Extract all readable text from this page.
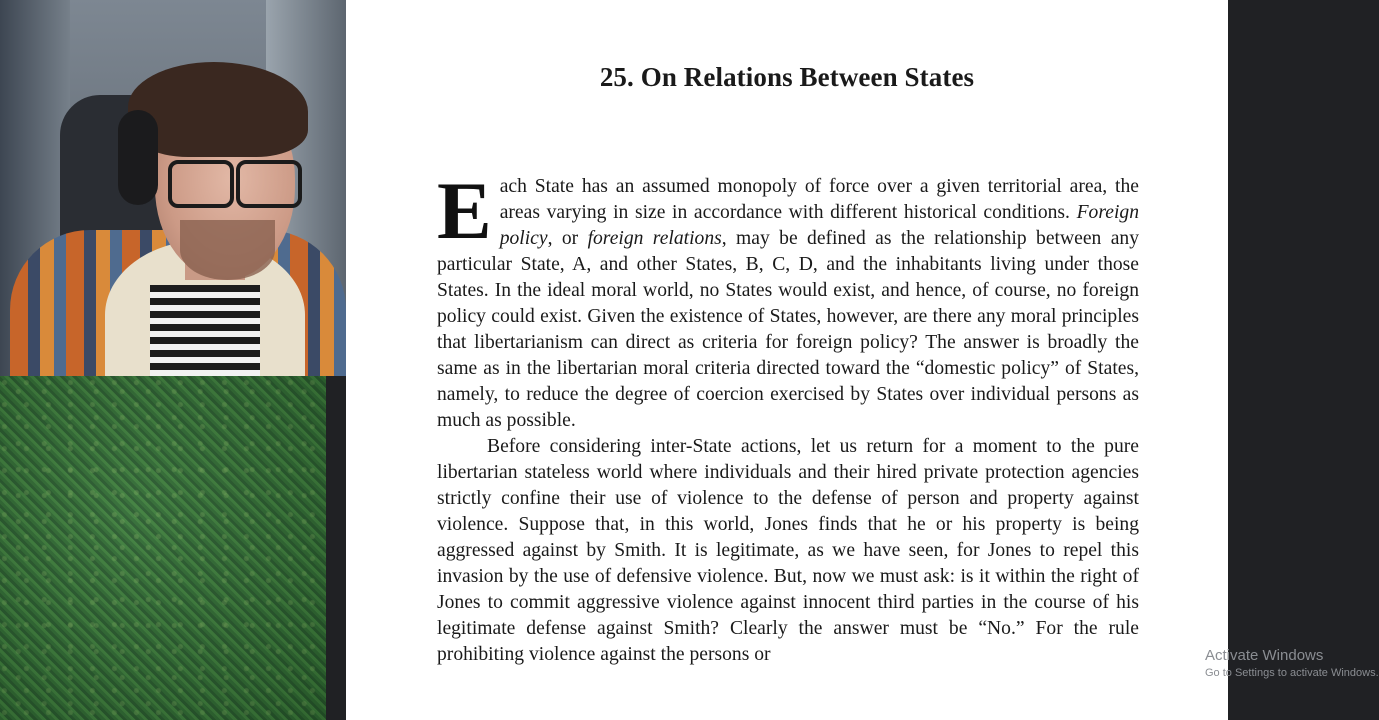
25. On Relations Between States

E ach State has an assumed monopoly of force over a given territorial area, the areas varying in size in accordance with different historical conditions. Foreign policy, or foreign relations, may be defined as the relationship between any particular State, A, and other States, B, C, D, and the inhabitants living under those States. In the ideal moral world, no States would exist, and hence, of course, no foreign policy could exist. Given the existence of States, however, are there any moral principles that libertarianism can direct as criteria for foreign policy? The answer is broadly the same as in the libertarian moral criteria directed toward the “domestic policy” of States, namely, to reduce the degree of coercion exercised by States over individual persons as much as possible.

Before considering inter-State actions, let us return for a moment to the pure libertarian stateless world where individuals and their hired private protection agencies strictly confine their use of violence to the defense of person and property against violence. Suppose that, in this world, Jones finds that he or his property is being aggressed against by Smith. It is legitimate, as we have seen, for Jones to repel this invasion by the use of defensive violence. But, now we must ask: is it within the right of Jones to commit aggressive violence against innocent third parties in the course of his legitimate defense against Smith? Clearly the answer must be “No.” For the rule prohibiting violence against the persons or	Activate Windows
Go to Settings to activate Windows.
